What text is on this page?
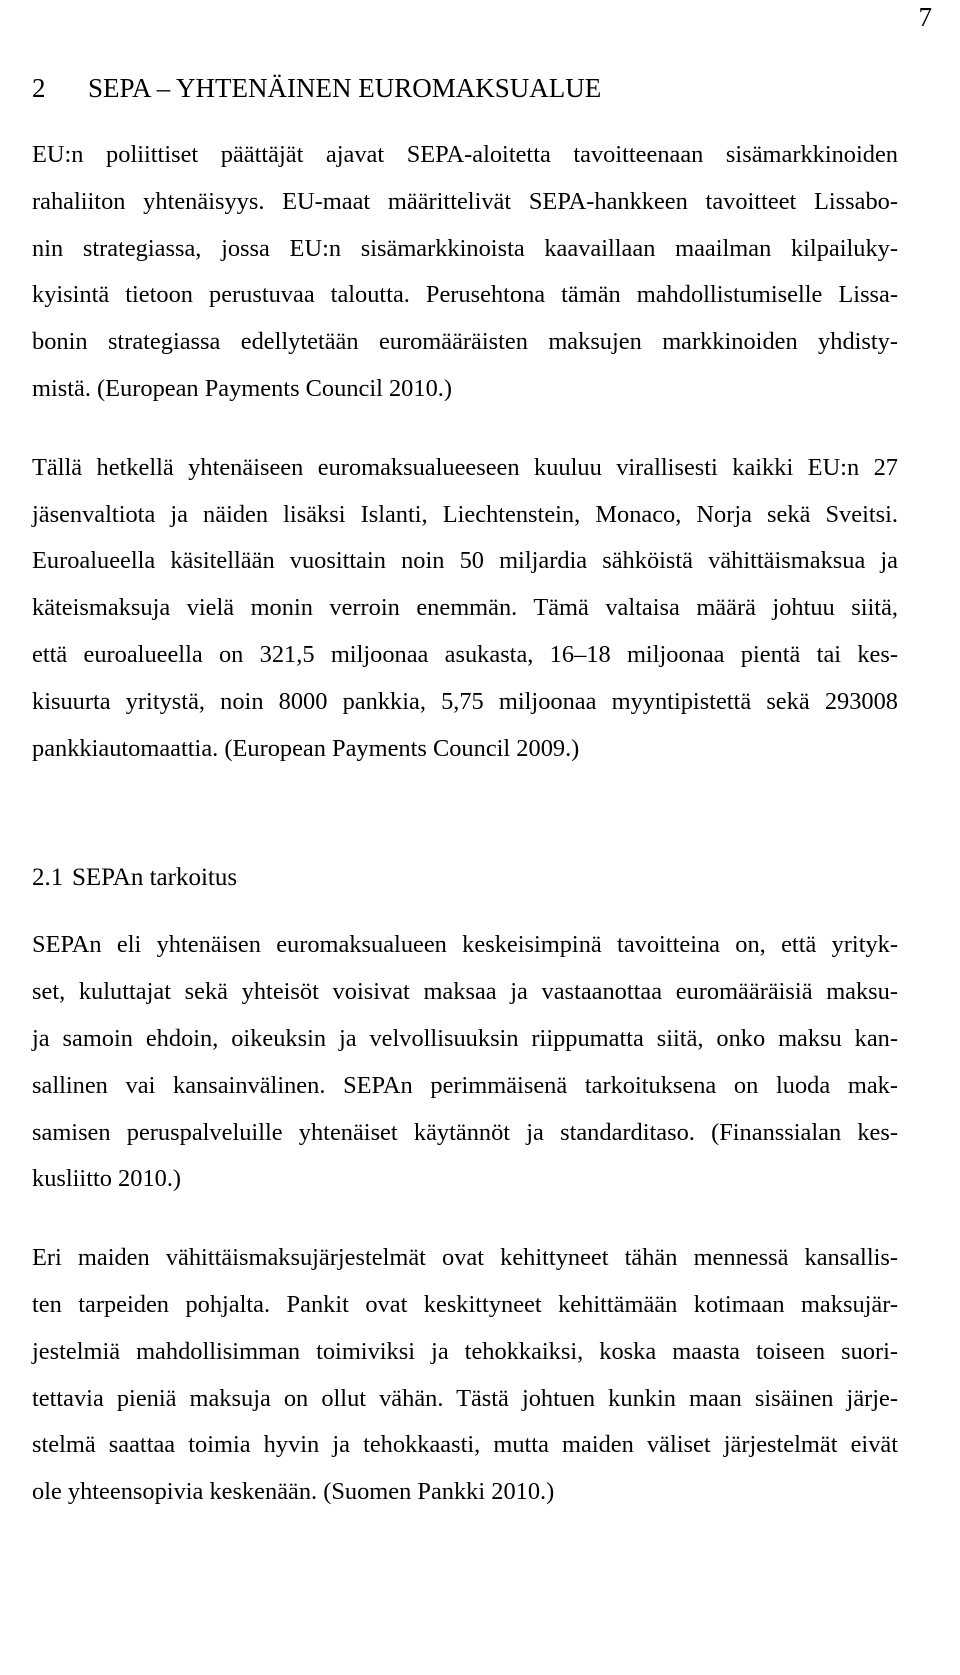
7
2	SEPA – YHTENÄINEN EUROMAKSUALUE

EU:n poliittiset päättäjät ajavat SEPA-aloitetta tavoitteenaan sisämarkkinoiden
rahaliiton yhtenäisyys. EU-maat määrittelivät SEPA-hankkeen tavoitteet Lissabo-
nin strategiassa, jossa EU:n sisämarkkinoista kaavaillaan maailman kilpailuky-
kyisintä tietoon perustuvaa taloutta. Perusehtona tämän mahdollistumiselle Lissa-
bonin strategiassa edellytetään euromääräisten maksujen markkinoiden yhdisty-
mistä. (European Payments Council 2010.)

Tällä hetkellä yhtenäiseen euromaksualueeseen kuuluu virallisesti kaikki EU:n 27
jäsenvaltiota ja näiden lisäksi Islanti, Liechtenstein, Monaco, Norja sekä Sveitsi.
Euroalueella käsitellään vuosittain noin 50 miljardia sähköistä vähittäismaksua ja
käteismaksuja vielä monin verroin enemmän. Tämä valtaisa määrä johtuu siitä,
että euroalueella on 321,5 miljoonaa asukasta, 16–18 miljoonaa pientä tai kes-
kisuurta yritystä, noin 8000 pankkia, 5,75 miljoonaa myyntipistettä sekä 293008
pankkiautomaattia. (European Payments Council 2009.)

2.1 SEPAn tarkoitus

SEPAn eli yhtenäisen euromaksualueen keskeisimpinä tavoitteina on, että yrityk-
set, kuluttajat sekä yhteisöt voisivat maksaa ja vastaanottaa euromääräisiä maksu-
ja samoin ehdoin, oikeuksin ja velvollisuuksin riippumatta siitä, onko maksu kan-
sallinen vai kansainvälinen. SEPAn perimmäisenä tarkoituksena on luoda mak-
samisen peruspalveluille yhtenäiset käytännöt ja standarditaso. (Finanssialan kes-
kusliitto 2010.)

Eri maiden vähittäismaksujärjestelmät ovat kehittyneet tähän mennessä kansallis-
ten tarpeiden pohjalta. Pankit ovat keskittyneet kehittämään kotimaan maksujär-
jestelmiä mahdollisimman toimiviksi ja tehokkaiksi, koska maasta toiseen suori-
tettavia pieniä maksuja on ollut vähän. Tästä johtuen kunkin maan sisäinen järje-
stelmä saattaa toimia hyvin ja tehokkaasti, mutta maiden väliset järjestelmät eivät
ole yhteensopivia keskenään. (Suomen Pankki 2010.)
